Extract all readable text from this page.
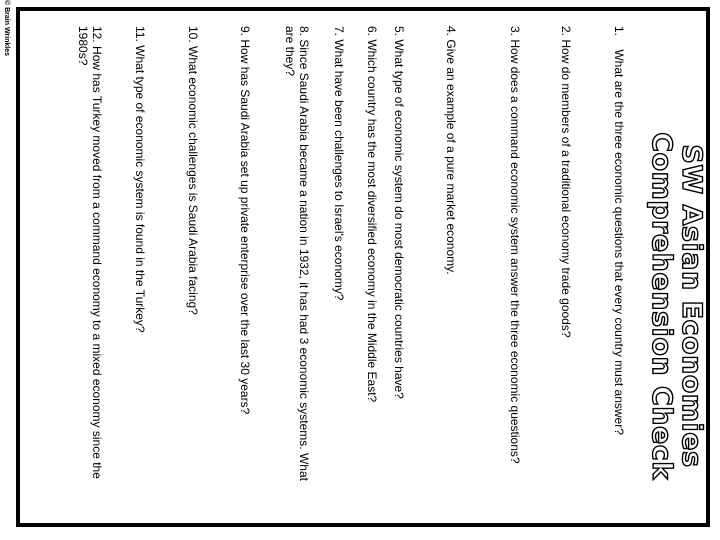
© Brain Wrinkles

SW Asian Economies

Comprehension Check

1.    What are the three economic questions that every country must answer?
2. How do members of a traditional economy trade goods?
3. How does a command economic system answer the three economic questions?
4. Give an example of a pure market economy.
5. What type of economic system do most democratic countries have?
6. Which country has the most diversified economy in the Middle East?
7. What have been challenges to Israel's economy?
8. Since Saudi Arabia became a nation in 1932, it has had 3 economic systems. What are they?
9. How has Saudi Arabia set up private enterprise over the last 30 years?
10. What economic challenges is Saudi Arabia facing?
11. What type of economic system is found in the Turkey?
12. How has Turkey moved from a command economy to a mixed economy since the 1980s?
